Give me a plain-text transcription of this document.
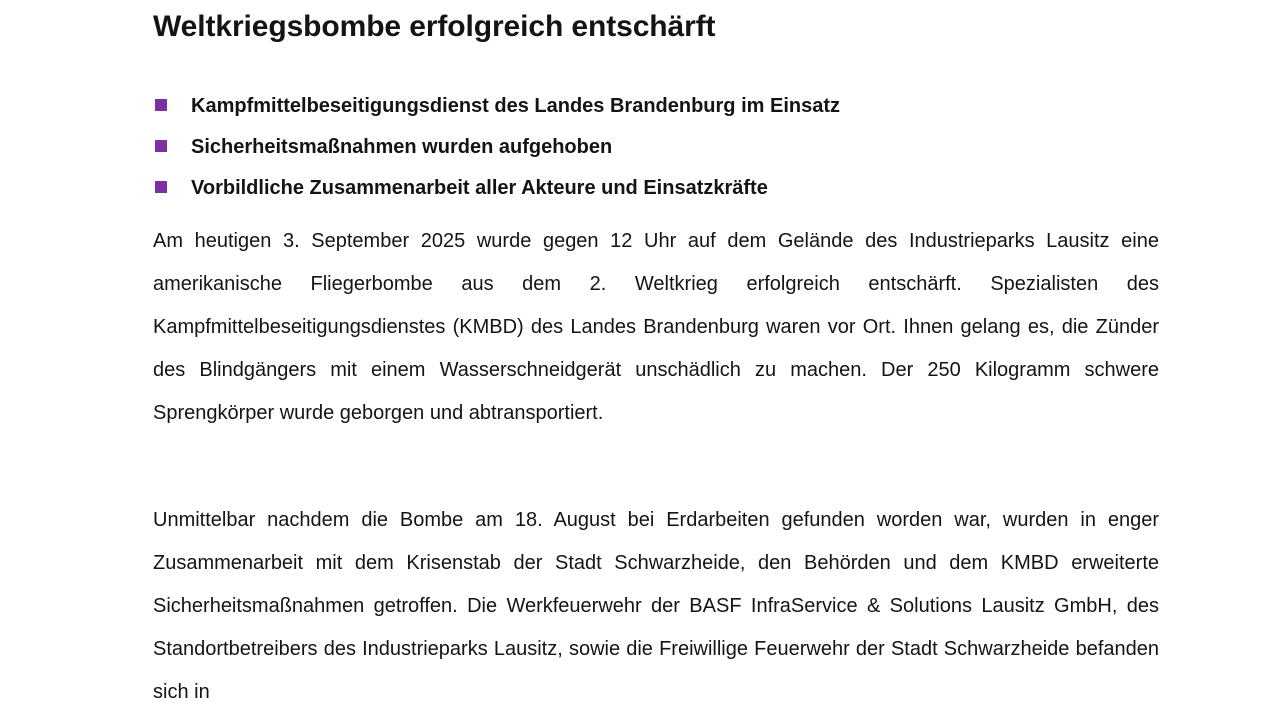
Weltkriegsbombe erfolgreich entschärft
Kampfmittelbeseitigungsdienst des Landes Brandenburg im Einsatz
Sicherheitsmaßnahmen wurden aufgehoben
Vorbildliche Zusammenarbeit aller Akteure und Einsatzkräfte

Am heutigen 3. September 2025 wurde gegen 12 Uhr auf dem Gelände des Industrieparks Lausitz eine amerikanische Fliegerbombe aus dem 2. Weltkrieg erfolgreich entschärft. Spezialisten des Kampfmittelbeseitigungsdienstes (KMBD) des Landes Brandenburg waren vor Ort. Ihnen gelang es, die Zünder des Blindgängers mit einem Wasserschneidgerät unschädlich zu machen. Der 250 Kilogramm schwere Sprengkörper wurde geborgen und abtransportiert.

Unmittelbar nachdem die Bombe am 18. August bei Erdarbeiten gefunden worden war, wurden in enger Zusammenarbeit mit dem Krisenstab der Stadt Schwarzheide, den Behörden und dem KMBD erweiterte Sicherheitsmaßnahmen getroffen. Die Werkfeuerwehr der BASF InfraService & Solutions Lausitz GmbH, des Standortbetreibers des Industrieparks Lausitz, sowie die Freiwillige Feuerwehr der Stadt Schwarzheide befanden sich in
